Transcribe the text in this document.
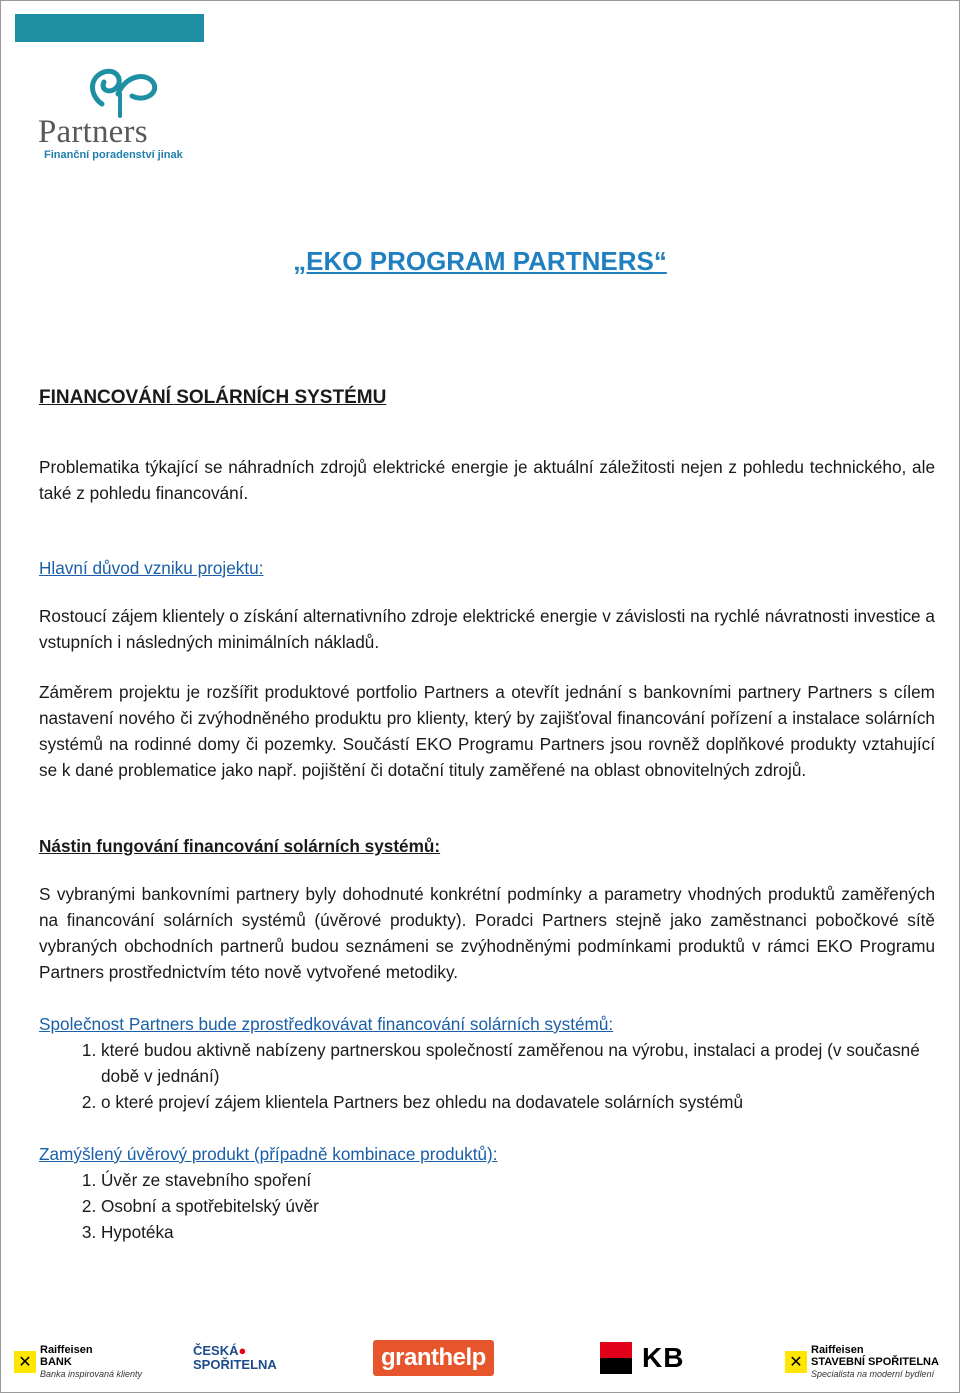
Partners
Finanční poradenství jinak
„EKO PROGRAM PARTNERS“
FINANCOVÁNÍ SOLÁRNÍCH SYSTÉMU

Problematika týkající se náhradních zdrojů elektrické energie je aktuální záležitosti nejen z pohledu technického, ale také z pohledu financování.

Hlavní důvod vzniku projektu:

Rostoucí zájem klientely o získání alternativního zdroje elektrické energie v závislosti na rychlé návratnosti investice a vstupních i následných minimálních nákladů.

Záměrem projektu je rozšířit produktové portfolio Partners a otevřít jednání s bankovními partnery Partners s cílem nastavení nového či zvýhodněného produktu pro klienty, který by zajišťoval financování pořízení a instalace solárních systémů na rodinné domy či pozemky. Součástí EKO Programu Partners jsou rovněž doplňkové produkty vztahující se k dané problematice jako např. pojištění či dotační tituly zaměřené na oblast obnovitelných zdrojů.

Nástin fungování financování solárních systémů:

S vybranými bankovními partnery byly dohodnuté konkrétní podmínky a parametry vhodných produktů zaměřených na financování solárních systémů (úvěrové produkty). Poradci Partners stejně jako zaměstnanci pobočkové sítě vybraných obchodních partnerů budou seznámeni se zvýhodněnými podmínkami produktů v rámci EKO Programu Partners prostřednictvím této nově vytvořené metodiky.

Společnost Partners bude zprostředkovávat financování solárních systémů:
1. které budou aktivně nabízeny partnerskou společností zaměřenou na výrobu, instalaci a prodej (v současné době v jednání)
2. o které projeví zájem klientela Partners bez ohledu na dodavatele solárních systémů
Zamýšlený úvěrový produkt (případně kombinace produktů):
1. Úvěr ze stavebního spoření
2. Osobní a spotřebitelský úvěr
3. Hypotéka
✕
Raiffeisen
BANK
Banka inspirovaná klienty
ČESKÁ●
SPOŘITELNA	granthelp	KB	✕
Raiffeisen
STAVEBNÍ SPOŘITELNA
Specialista na moderní bydlení
